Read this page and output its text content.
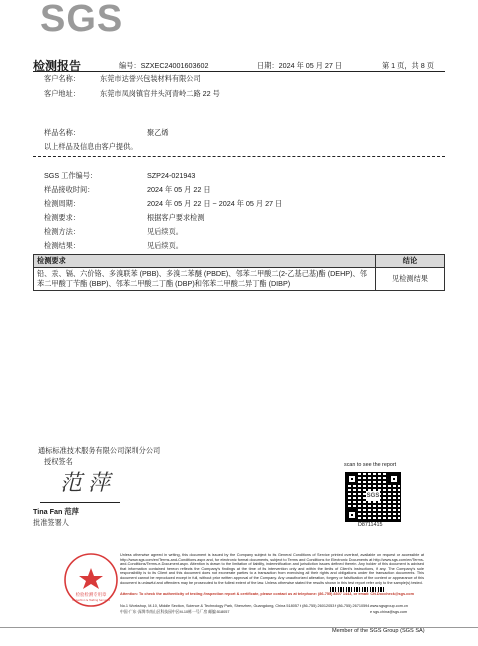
SGS
检测报告	编号：SZXEC24001603602	日期：2024 年 05 月 27 日	第 1 页，共 8 页
客户名称：	东莞市达誉兴包装材料有限公司
客户地址：	东莞市凤岗镇官井头河青岭二路 22 号
样品名称：	聚乙烯
以上样品及信息由客户提供。
SGS 工作编号：	SZP24-021943
样品接收时间：	2024 年 05 月 22 日
检测周期：	2024 年 05 月 22 日 ~ 2024 年 05 月 27 日
检测要求：	根据客户要求检测
检测方法：	见后续页。
检测结果：	见后续页。
检测要求	结论
铅、汞、镉、六价铬、多溴联苯 (PBB)、多溴二苯醚 (PBDE)、邻苯二甲酸二(2-乙基己基)酯 (DEHP)、邻苯二甲酸丁苄酯 (BBP)、邻苯二甲酸二丁酯 (DBP)和邻苯二甲酸二异丁酯 (DIBP)	见检测结果
通标标准技术服务有限公司深圳分公司
授权签名
范萍
Tina Fan 范萍
批准签署人
scan to see the report
SGS
D8711415
检验检测专用章
Inspection & Testing Services
Unless otherwise agreed in writing, this document is issued by the Company subject to its General Conditions of Service printed overleaf, available on request or accessible at http://www.sgs.com/en/Terms-and-Conditions.aspx and, for electronic format documents, subject to Terms and Conditions for Electronic Documents at http://www.sgs.com/en/Terms-and-Conditions/Terms-e-Document.aspx. Attention is drawn to the limitation of liability, indemnification and jurisdiction issues defined therein. Any holder of this document is advised that information contained hereon reflects the Company's findings at the time of its intervention only and within the limits of Client's instructions, if any. The Company's sole responsibility is to its Client and this document does not exonerate parties to a transaction from exercising all their rights and obligations under the transaction documents. This document cannot be reproduced except in full, without prior written approval of the Company. Any unauthorized alteration, forgery or falsification of the content or appearance of this document is unlawful and offenders may be prosecuted to the fullest extent of the law. Unless otherwise stated the results shown in this test report refer only to the sample(s) tested.
Attention: To check the authenticity of testing /inspection report & certificate, please contact us at telephone: (86-755) 8307 1443, or email: CN.Doccheck@sgs.com
No.1 Workshop, M-10, Middle Section, Science & Technology Park, Shenzhen, Guangdong, China 518057
中国·广东·深圳市南山区科技园中区M-10栋一号厂房 邮编:518057
t (86-755) 26012053 f (86-755) 26710594 www.sgsgroup.com.cn
e sgs.china@sgs.com
Member of the SGS Group (SGS SA)
